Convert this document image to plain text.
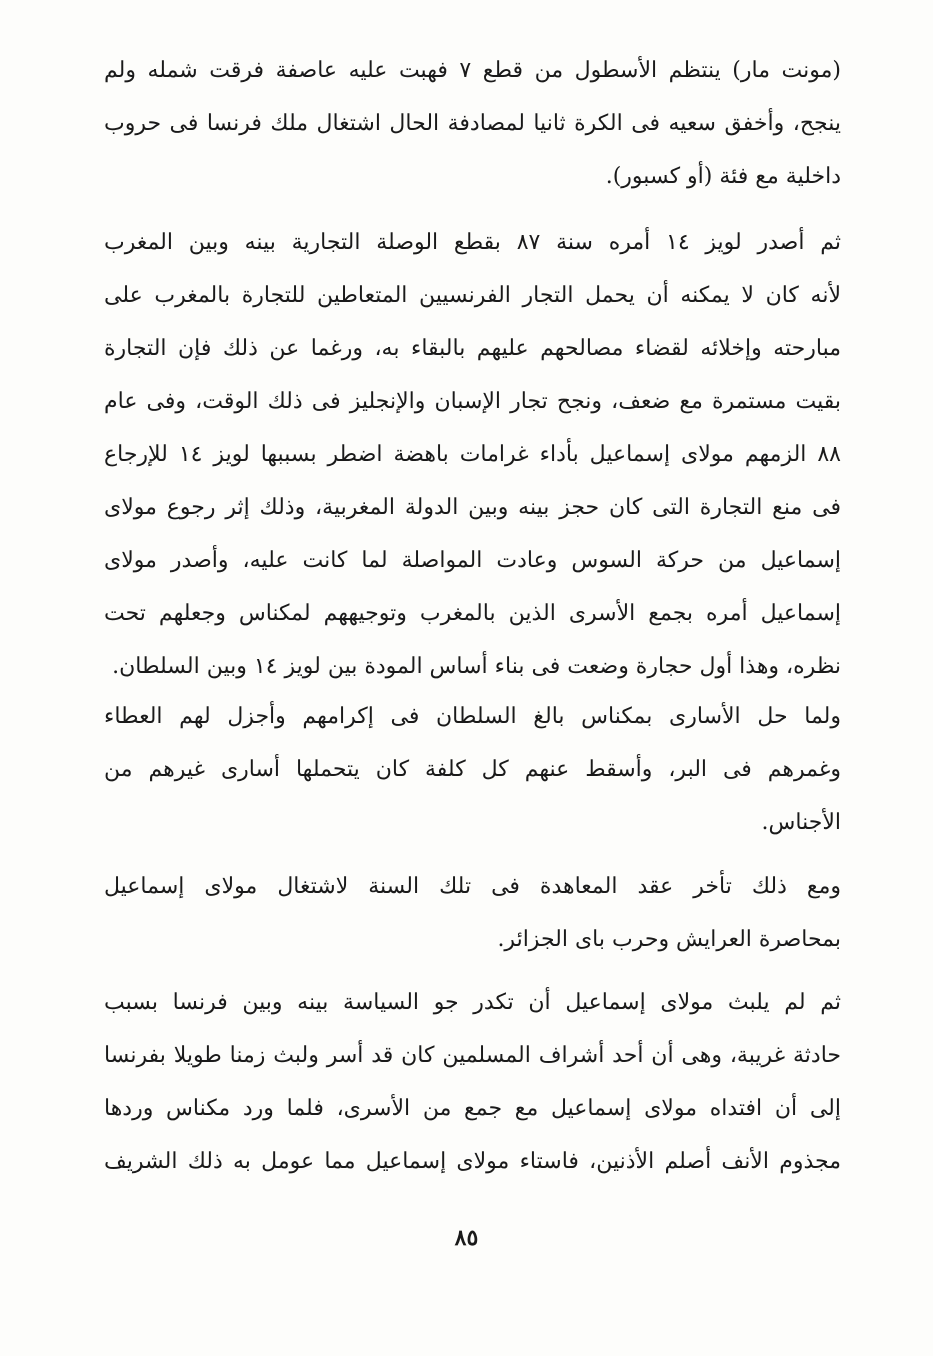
(مونت مار) ينتظم الأسطول من قطع ٧ فهبت عليه عاصفة فرقت شمله ولم
ينجح، وأخفق سعيه فى الكرة ثانيا لمصادفة الحال اشتغال ملك فرنسا فى حروب
داخلية مع فئة (أو كسبور).
ثم أصدر لويز ١٤ أمره سنة ٨٧ بقطع الوصلة التجارية بينه وبين المغرب
لأنه كان لا يمكنه أن يحمل التجار الفرنسيين المتعاطين للتجارة بالمغرب على
مبارحته وإخلائه لقضاء مصالحهم عليهم بالبقاء به، ورغما عن ذلك فإن التجارة
بقيت مستمرة مع ضعف، ونجح تجار الإسبان والإنجليز فى ذلك الوقت، وفى عام
٨٨ الزمهم مولاى إسماعيل بأداء غرامات باهضة اضطر بسببها لويز ١٤ للإرجاع
فى منع التجارة التى كان حجز بينه وبين الدولة المغربية، وذلك إثر رجوع مولاى
إسماعيل من حركة السوس وعادت المواصلة لما كانت عليه، وأصدر مولاى
إسماعيل أمره بجمع الأسرى الذين بالمغرب وتوجيههم لمكناس وجعلهم تحت
نظره، وهذا أول حجارة وضعت فى بناء أساس المودة بين لويز ١٤ وبين السلطان.
ولما حل الأسارى بمكناس بالغ السلطان فى إكرامهم وأجزل لهم العطاء
وغمرهم فى البر، وأسقط عنهم كل كلفة كان يتحملها أسارى غيرهم من
الأجناس.
ومع ذلك تأخر عقد المعاهدة فى تلك السنة لاشتغال مولاى إسماعيل
بمحاصرة العرايش وحرب باى الجزائر.
ثم لم يلبث مولاى إسماعيل أن تكدر جو السياسة بينه وبين فرنسا بسبب
حادثة غريبة، وهى أن أحد أشراف المسلمين كان قد أسر ولبث زمنا طويلا بفرنسا
إلى أن افتداه مولاى إسماعيل مع جمع من الأسرى، فلما ورد مكناس وردها
مجذوم الأنف أصلم الأذنين، فاستاء مولاى إسماعيل مما عومل به ذلك الشريف
٨٥
